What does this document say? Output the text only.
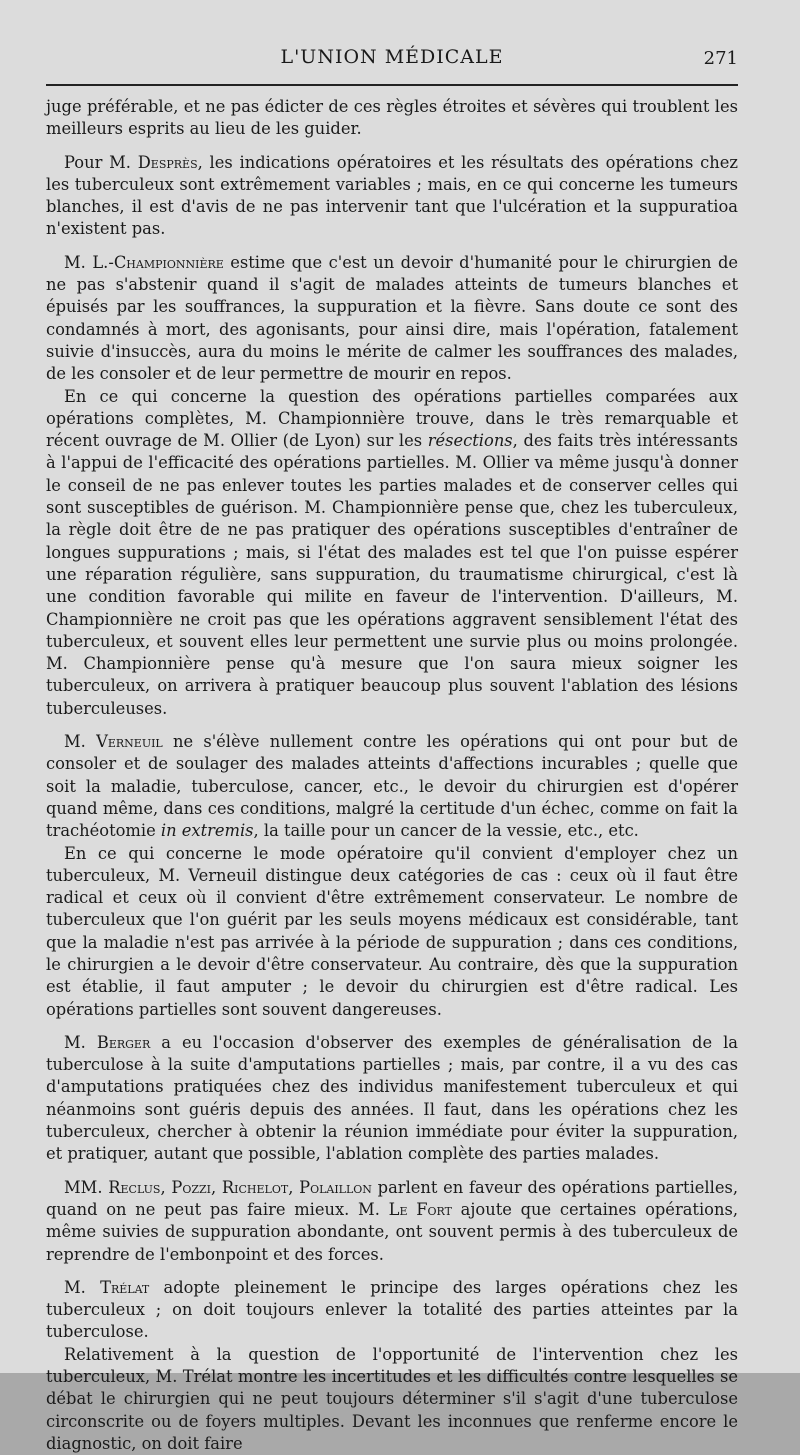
L'UNION MÉDICALE	271

juge préférable, et ne pas édicter de ces règles étroites et sévères qui troublent les meilleurs esprits au lieu de les guider.

Pour M. Desprès, les indications opératoires et les résultats des opérations chez les tuberculeux sont extrêmement variables ; mais, en ce qui concerne les tumeurs blanches, il est d'avis de ne pas intervenir tant que l'ulcération et la suppuratioa n'existent pas.

M. L.-Championnière estime que c'est un devoir d'humanité pour le chirurgien de ne pas s'abstenir quand il s'agit de malades atteints de tumeurs blanches et épuisés par les souffrances, la suppuration et la fièvre. Sans doute ce sont des condamnés à mort, des agonisants, pour ainsi dire, mais l'opération, fatalement suivie d'insuccès, aura du moins le mérite de calmer les souffrances des malades, de les consoler et de leur permettre de mourir en repos.

En ce qui concerne la question des opérations partielles comparées aux opérations complètes, M. Championnière trouve, dans le très remarquable et récent ouvrage de M. Ollier (de Lyon) sur les résections, des faits très intéressants à l'appui de l'efficacité des opérations partielles. M. Ollier va même jusqu'à donner le conseil de ne pas enlever toutes les parties malades et de conserver celles qui sont susceptibles de guérison. M. Championnière pense que, chez les tuberculeux, la règle doit être de ne pas pratiquer des opérations susceptibles d'entraîner de longues suppurations ; mais, si l'état des malades est tel que l'on puisse espérer une réparation régulière, sans suppuration, du traumatisme chirurgical, c'est là une condition favorable qui milite en faveur de l'intervention. D'ailleurs, M. Championnière ne croit pas que les opérations aggravent sensiblement l'état des tuberculeux, et souvent elles leur permettent une survie plus ou moins prolongée. M. Championnière pense qu'à mesure que l'on saura mieux soigner les tuberculeux, on arrivera à pratiquer beaucoup plus souvent l'ablation des lésions tuberculeuses.

M. Verneuil ne s'élève nullement contre les opérations qui ont pour but de consoler et de soulager des malades atteints d'affections incurables ; quelle que soit la maladie, tuberculose, cancer, etc., le devoir du chirurgien est d'opérer quand même, dans ces conditions, malgré la certitude d'un échec, comme on fait la trachéotomie in extremis, la taille pour un cancer de la vessie, etc., etc.

En ce qui concerne le mode opératoire qu'il convient d'employer chez un tuberculeux, M. Verneuil distingue deux catégories de cas : ceux où il faut être radical et ceux où il convient d'être extrêmement conservateur. Le nombre de tuberculeux que l'on guérit par les seuls moyens médicaux est considérable, tant que la maladie n'est pas arrivée à la période de suppuration ; dans ces conditions, le chirurgien a le devoir d'être conservateur. Au contraire, dès que la suppuration est établie, il faut amputer ; le devoir du chirurgien est d'être radical. Les opérations partielles sont souvent dangereuses.

M. Berger a eu l'occasion d'observer des exemples de généralisation de la tuberculose à la suite d'amputations partielles ; mais, par contre, il a vu des cas d'amputations pratiquées chez des individus manifestement tuberculeux et qui néanmoins sont guéris depuis des années. Il faut, dans les opérations chez les tuberculeux, chercher à obtenir la réunion immédiate pour éviter la suppuration, et pratiquer, autant que possible, l'ablation complète des parties malades.

MM. Reclus, Pozzi, Richelot, Polaillon parlent en faveur des opérations partielles, quand on ne peut pas faire mieux. M. Le Fort ajoute que certaines opérations, même suivies de suppuration abondante, ont souvent permis à des tuberculeux de reprendre de l'embonpoint et des forces.

M. Trélat adopte pleinement le principe des larges opérations chez les tuberculeux ; on doit toujours enlever la totalité des parties atteintes par la tuberculose.

Relativement à la question de l'opportunité de l'intervention chez les tuberculeux, M. Trélat montre les incertitudes et les difficultés contre lesquelles se débat le chirurgien qui ne peut toujours déterminer s'il s'agit d'une tuberculose circonscrite ou de foyers multiples. Devant les inconnues que renferme encore le diagnostic, on doit faire
